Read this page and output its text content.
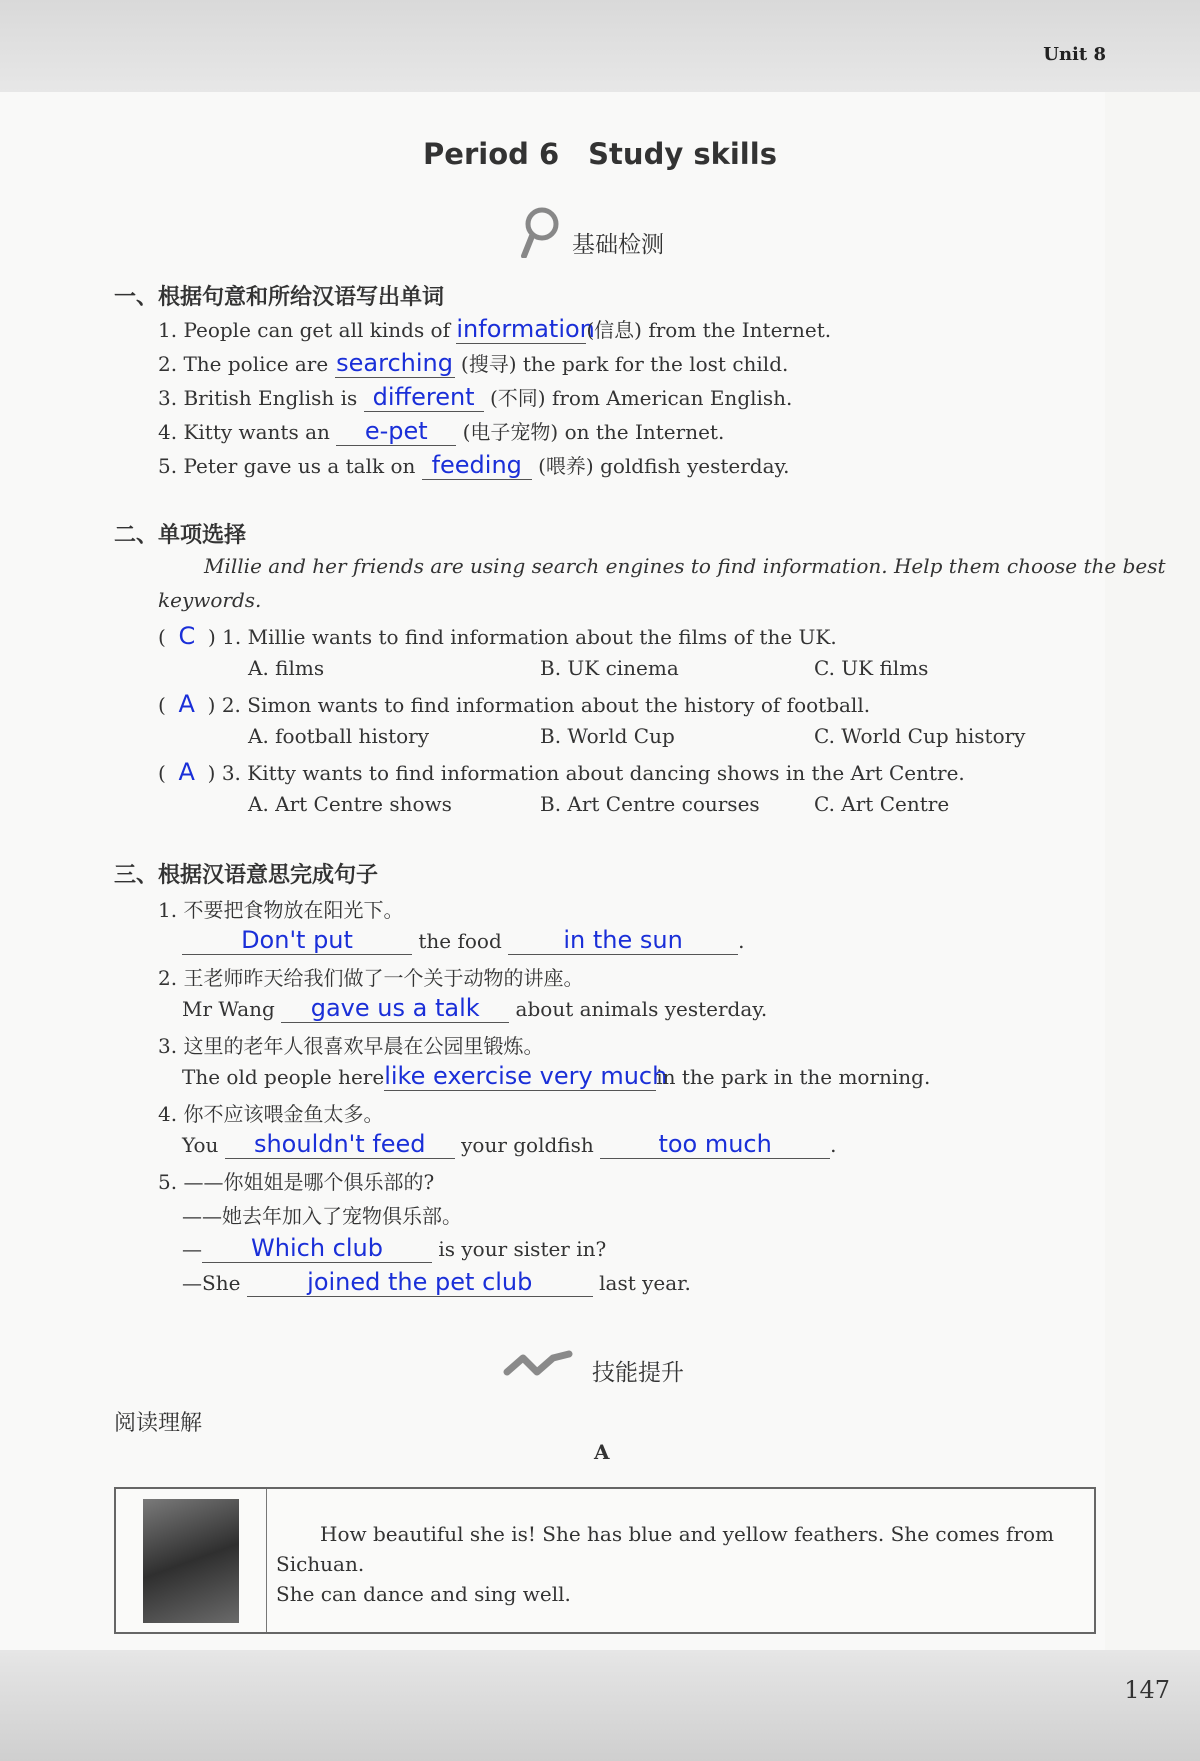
Unit 8
Period 6　Study skills
基础检测
一、根据句意和所给汉语写出单词
1. People can get all kinds of information(信息) from the Internet.
2. The police are searching (搜寻) the park for the lost child.
3. British English is different (不同) from American English.
4. Kitty wants an e-pet (电子宠物) on the Internet.
5. Peter gave us a talk on feeding (喂养) goldfish yesterday.
二、单项选择
Millie and her friends are using search engines to find information. Help them choose the best
keywords.
(  C ) 1. Millie wants to find information about the films of the UK.
A. films	B. UK cinema	C. UK films
(  A ) 2. Simon wants to find information about the history of football.
A. football history	B. World Cup	C. World Cup history
(  A ) 3. Kitty wants to find information about dancing shows in the Art Centre.
A. Art Centre shows	B. Art Centre courses	C. Art Centre
三、根据汉语意思完成句子
1. 不要把食物放在阳光下。
Don't put	the food in the sun	.
2. 王老师昨天给我们做了一个关于动物的讲座。
Mr Wang gave us a talk about animals yesterday.
3. 这里的老年人很喜欢早晨在公园里锻炼。
The old people herelike exercise very muchin the park in the morning.
4. 你不应该喂金鱼太多。
You shouldn't feed your goldfish too much	.
5. ——你姐姐是哪个俱乐部的?
——她去年加入了宠物俱乐部。
— Which club is your sister in?
—She	joined the pet club	last year.
技能提升
阅读理解
A
How beautiful she is! She has blue and yellow feathers. She comes from Sichuan.
She can dance and sing well.
147
